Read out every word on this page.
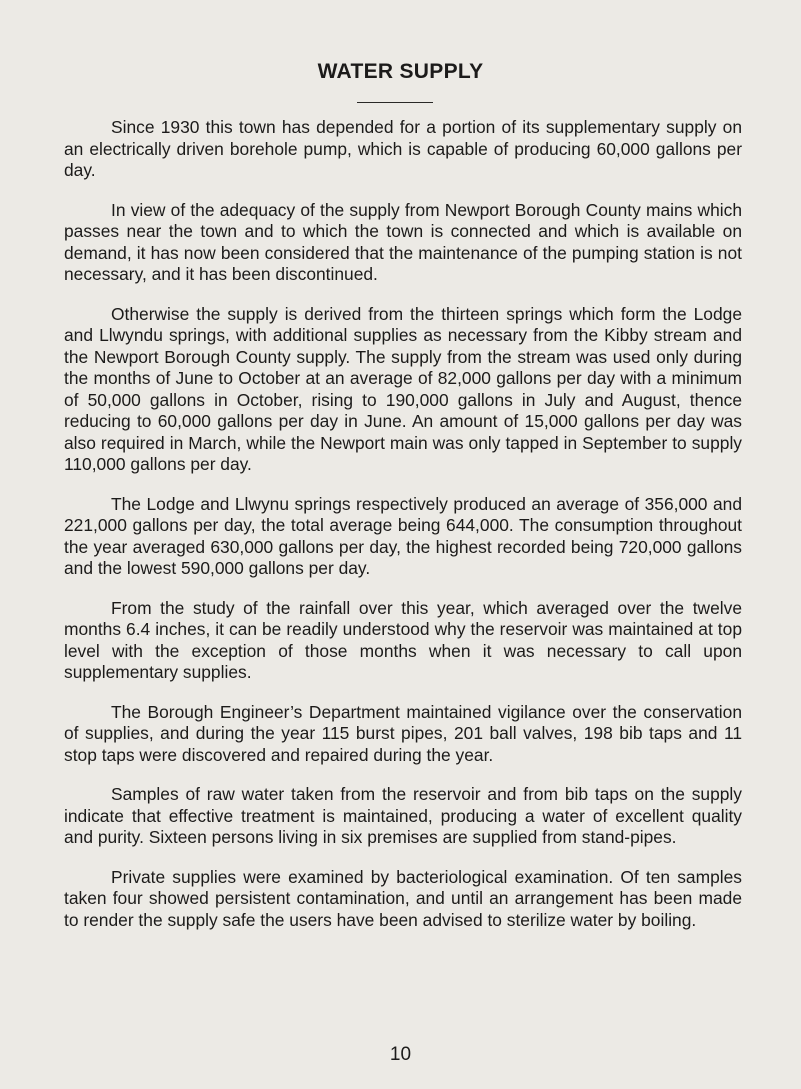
WATER SUPPLY

Since 1930 this town has depended for a portion of its supplementary supply on an electrically driven borehole pump, which is capable of producing 60,000 gallons per day.

In view of the adequacy of the supply from Newport Borough County mains which passes near the town and to which the town is connected and which is available on demand, it has now been considered that the maintenance of the pumping station is not necessary, and it has been discontinued.

Otherwise the supply is derived from the thirteen springs which form the Lodge and Llwyndu springs, with additional supplies as necessary from the Kibby stream and the Newport Borough County supply. The supply from the stream was used only during the months of June to October at an average of 82,000 gallons per day with a minimum of 50,000 gallons in October, rising to 190,000 gallons in July and August, thence reducing to 60,000 gallons per day in June. An amount of 15,000 gallons per day was also required in March, while the Newport main was only tapped in September to supply 110,000 gallons per day.

The Lodge and Llwynu springs respectively produced an average of 356,000 and 221,000 gallons per day, the total average being 644,000. The consumption throughout the year averaged 630,000 gallons per day, the highest recorded being 720,000 gallons and the lowest 590,000 gallons per day.

From the study of the rainfall over this year, which averaged over the twelve months 6.4 inches, it can be readily understood why the reservoir was maintained at top level with the exception of those months when it was necessary to call upon supplementary supplies.

The Borough Engineer’s Department maintained vigilance over the conservation of supplies, and during the year 115 burst pipes, 201 ball valves, 198 bib taps and 11 stop taps were discovered and repaired during the year.

Samples of raw water taken from the reservoir and from bib taps on the supply indicate that effective treatment is maintained, producing a water of excellent quality and purity. Sixteen persons living in six premises are supplied from stand-pipes.

Private supplies were examined by bacteriological examination. Of ten samples taken four showed persistent contamination, and until an arrangement has been made to render the supply safe the users have been advised to sterilize water by boiling.

10
